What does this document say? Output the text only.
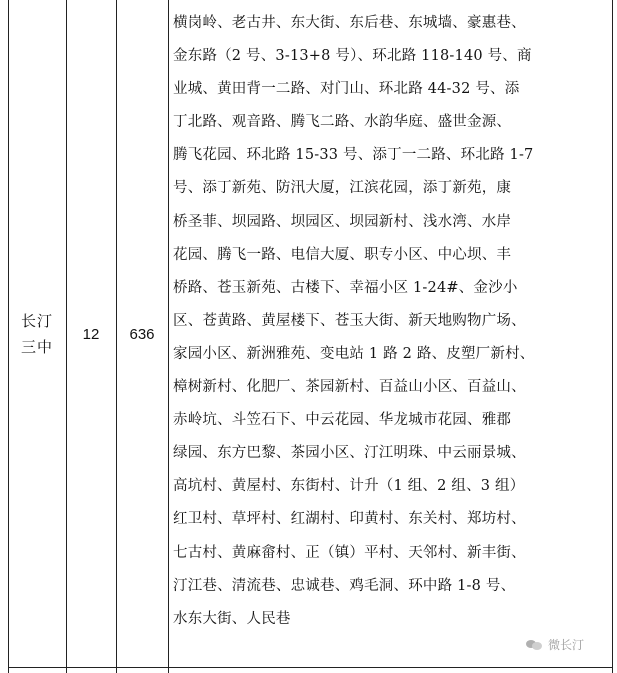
长汀
三中
12	636
横岗岭、老古井、东大街、东后巷、东城墙、豪惠巷、
金东路（2 号、3-13+8 号）、环北路 118-140 号、商
业城、黄田背一二路、对门山、环北路 44-32 号、添
丁北路、观音路、腾飞二路、水韵华庭、盛世金源、
腾飞花园、环北路 15-33 号、添丁一二路、环北路 1-7
号、添丁新苑、防汛大厦，江滨花园，添丁新苑，康
桥圣菲、坝园路、坝园区、坝园新村、浅水湾、水岸
花园、腾飞一路、电信大厦、职专小区、中心坝、丰
桥路、苍玉新苑、古楼下、幸福小区 1-24#、金沙小
区、苍黄路、黄屋楼下、苍玉大街、新天地购物广场、
家园小区、新洲雅苑、变电站 1 路 2 路、皮塑厂新村、
樟树新村、化肥厂、茶园新村、百益山小区、百益山、
赤岭坑、斗笠石下、中云花园、华龙城市花园、雅郡
绿园、东方巴黎、茶园小区、汀江明珠、中云丽景城、
高坑村、黄屋村、东街村、计升（1 组、2 组、3 组）
红卫村、草坪村、红湖村、印黄村、东关村、郑坊村、
七古村、黄麻畲村、正（镇）平村、天邻村、新丰街、
汀江巷、清流巷、忠诚巷、鸡毛洞、环中路 1-8 号、
水东大街、人民巷
微长汀
